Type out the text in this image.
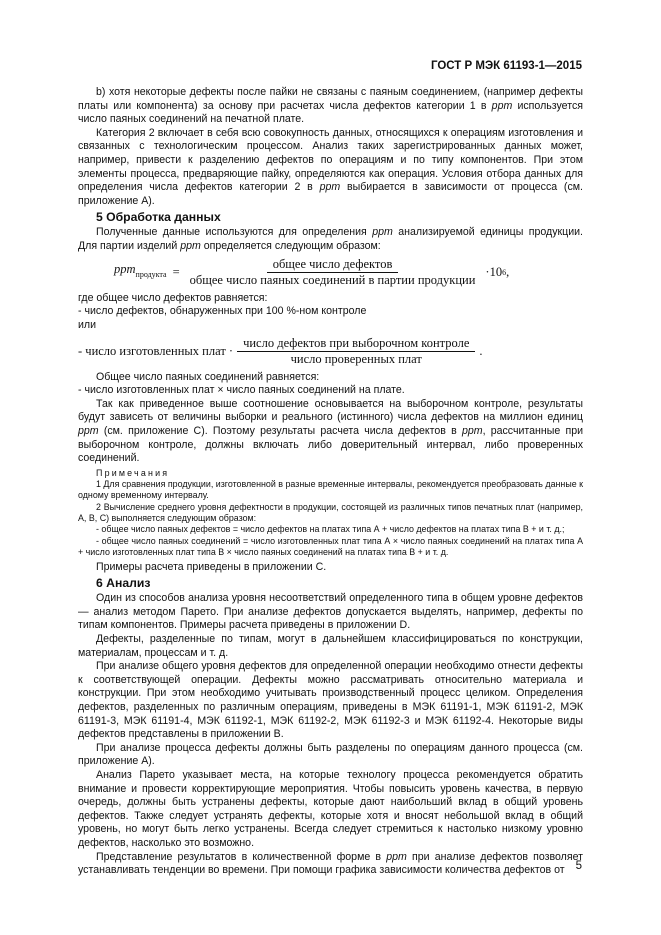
ГОСТ Р МЭК 61193-1—2015

b) хотя некоторые дефекты после пайки не связаны с паяным соединением, (например дефекты платы или компонента) за основу при расчетах числа дефектов категории 1 в ppm используется число паяных соединений на печатной плате.

Категория 2 включает в себя всю совокупность данных, относящихся к операциям изготовления и связанных с технологическим процессом. Анализ таких зарегистрированных данных может, например, привести к разделению дефектов по операциям и по типу компонентов. При этом элементы процесса, предваряющие пайку, определяются как операция. Условия отбора данных для определения числа дефектов категории 2 в ppm выбирается в зависимости от процесса (см. приложение А).

5 Обработка данных

Полученные данные используются для определения ppm анализируемой единицы продукции. Для партии изделий ppm определяется следующим образом:

$ppm_{продукта} = \frac{\text{общее число дефектов}}{\text{общее число паяных соединений в партии продукции}} \cdot 10$ 6 ,

где общее число дефектов равняется:

- число дефектов, обнаруженных при 100 %-ном контроле

или

- число изготовленных плат · $\frac{\text{число дефектов при выборочном контроле}}{\text{число проверенных плат}}$ .

Общее число паяных соединений равняется:

- число изготовленных плат × число паяных соединений на плате.

Так как приведенное выше соотношение основывается на выборочном контроле, результаты будут зависеть от величины выборки и реального (истинного) числа дефектов на миллион единиц ppm (см. приложение С). Поэтому результаты расчета числа дефектов в ppm, рассчитанные при выборочном контроле, должны включать либо доверительный интервал, либо проверенных соединений.

Примечания

1 Для сравнения продукции, изготовленной в разные временные интервалы, рекомендуется преобразовать данные к одному временному интервалу.

2 Вычисление среднего уровня дефектности в продукции, состоящей из различных типов печатных плат (например, А, В, С) выполняется следующим образом:

- общее число паяных дефектов = число дефектов на платах типа А + число дефектов на платах типа В + и т. д.;

- общее число паяных соединений = число изготовленных плат типа А × число паяных соединений на платах типа А + число изготовленных плат типа В × число паяных соединений на платах типа В + и т. д.

Примеры расчета приведены в приложении С.

6 Анализ

Один из способов анализа уровня несоответствий определенного типа в общем уровне дефектов — анализ методом Парето. При анализе дефектов допускается выделять, например, дефекты по типам компонентов. Примеры расчета приведены в приложении D.

Дефекты, разделенные по типам, могут в дальнейшем классифицироваться по конструкции, материалам, процессам и т. д.

При анализе общего уровня дефектов для определенной операции необходимо отнести дефекты к соответствующей операции. Дефекты можно рассматривать относительно материала и конструкции. При этом необходимо учитывать производственный процесс целиком. Определения дефектов, разделенных по различным операциям, приведены в МЭК 61191-1, МЭК 61191-2, МЭК 61191-3, МЭК 61191-4, МЭК 61192-1, МЭК 61192-2, МЭК 61192-3 и МЭК 61192-4. Некоторые виды дефектов представлены в приложении В.

При анализе процесса дефекты должны быть разделены по операциям данного процесса (см. приложение А).

Анализ Парето указывает места, на которые технологу процесса рекомендуется обратить внимание и провести корректирующие мероприятия. Чтобы повысить уровень качества, в первую очередь, должны быть устранены дефекты, которые дают наибольший вклад в общий уровень дефектов. Также следует устранять дефекты, которые хотя и вносят небольшой вклад в общий уровень, но могут быть легко устранены. Всегда следует стремиться к настолько низкому уровню дефектов, насколько это возможно.

Представление результатов в количественной форме в ppm при анализе дефектов позволяет устанавливать тенденции во времени. При помощи графика зависимости количества дефектов от 5
